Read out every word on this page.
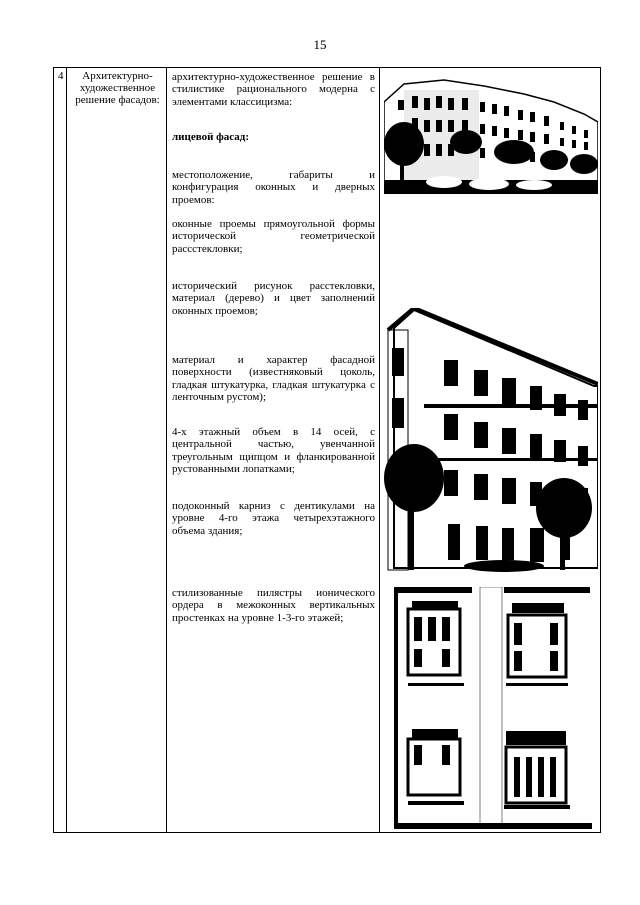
15
4	Архитектурно-художественное решение фасадов:
архитектурно-художественное решение в стилистике рационального модерна с элементами классицизма:
лицевой фасад:
местоположение, габариты и конфигурация оконных и дверных проемов:
оконные проемы прямоугольной формы исторической геометрической рассстекловки;
исторический рисунок расстекловки, материал (дерево) и цвет заполнений оконных проемов;
материал и характер фасадной поверхности (известняковый цоколь, гладкая штукатурка, гладкая штукатурка с ленточным рустом);
4-х этажный объем в 14 осей, с центральной частью, увенчанной треугольным щипцом и фланкированной рустованными лопатками;
подоконный карниз с дентикулами на уровне 4-го этажа четырехэтажного объема здания;
стилизованные пилястры ионического ордера в межоконных вертикальных простенках на уровне 1-3-го этажей;
